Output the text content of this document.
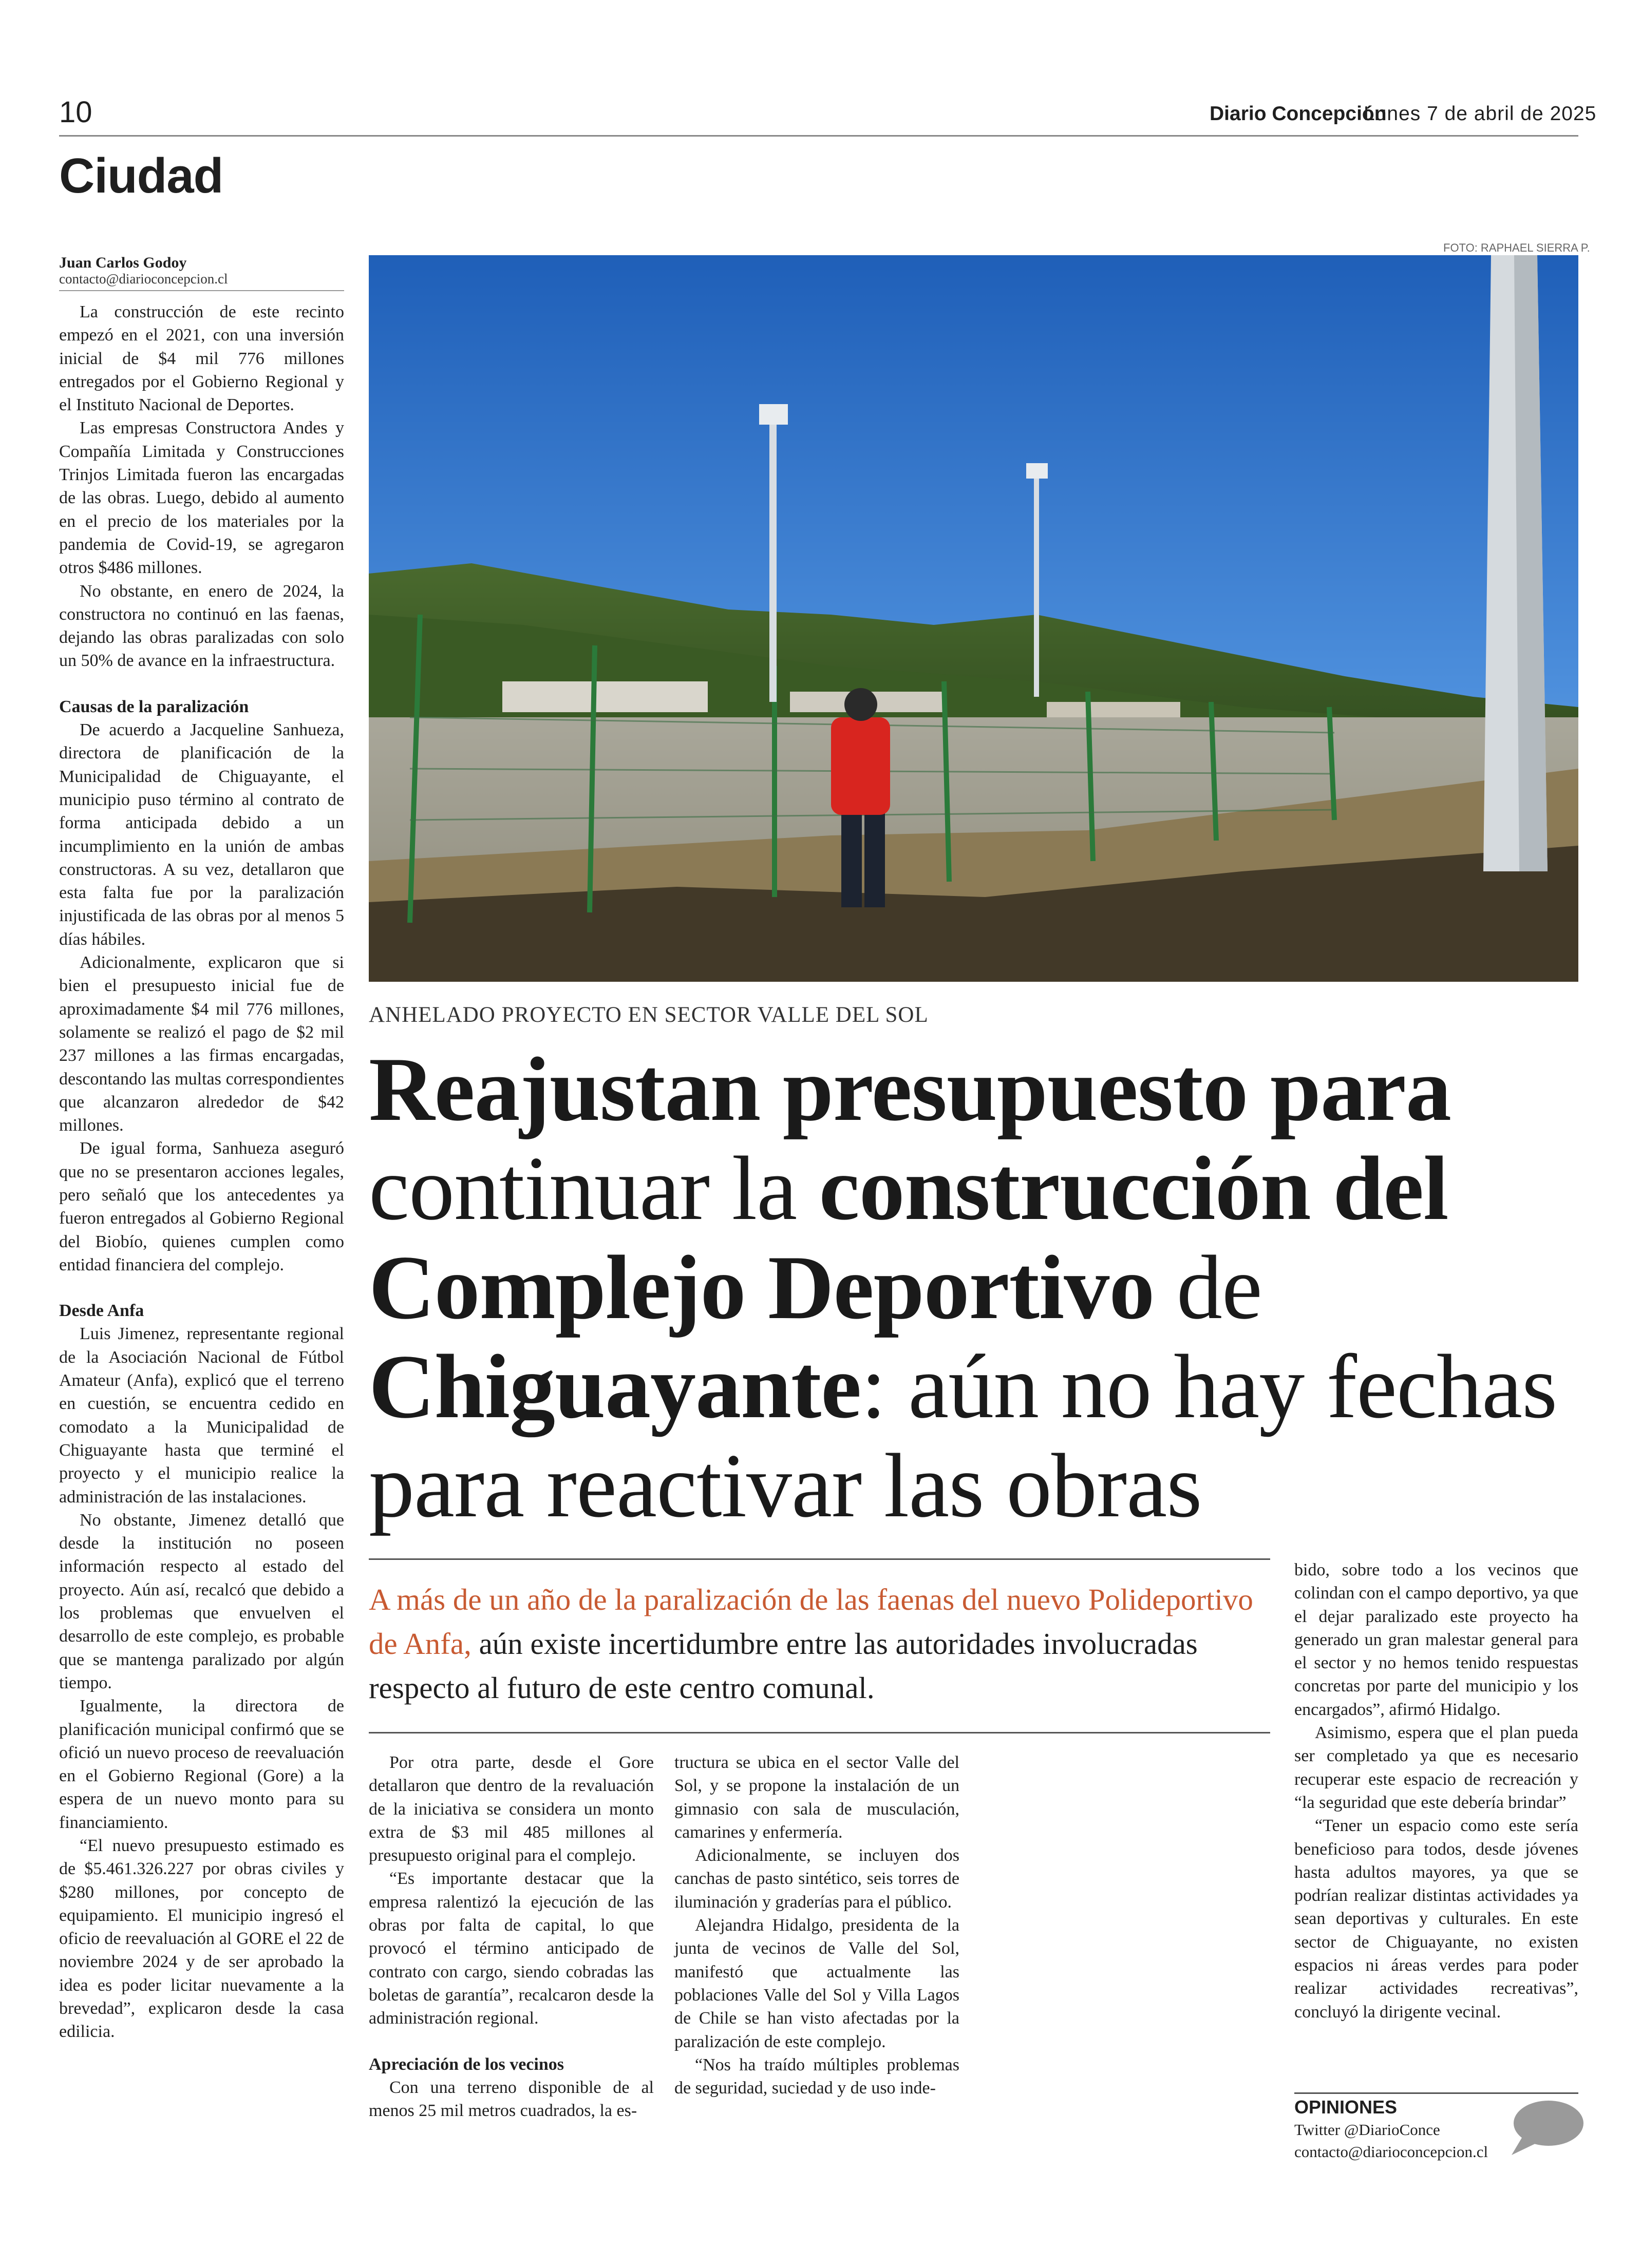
10	Diario Concepción
Lunes 7 de abril de 2025
Ciudad
Juan Carlos Godoy
contacto@diarioconcepcion.cl

La construcción de este recinto empezó en el 2021, con una inversión inicial de $4 mil 776 millones entregados por el Gobierno Regional y el Instituto Nacional de Deportes.

Las empresas Constructora Andes y Compañía Limitada y Construcciones Trinjos Limitada fueron las encargadas de las obras. Luego, debido al aumento en el precio de los materiales por la pandemia de Covid-19, se agregaron otros $486 millones.

No obstante, en enero de 2024, la constructora no continuó en las faenas, dejando las obras paralizadas con solo un 50% de avance en la infraestructura.

Causas de la paralización

De acuerdo a Jacqueline Sanhueza, directora de planificación de la Municipalidad de Chiguayante, el municipio puso término al contrato de forma anticipada debido a un incumplimiento en la unión de ambas constructoras. A su vez, detallaron que esta falta fue por la paralización injustificada de las obras por al menos 5 días hábiles.

Adicionalmente, explicaron que si bien el presupuesto inicial fue de aproximadamente $4 mil 776 millones, solamente se realizó el pago de $2 mil 237 millones a las firmas encargadas, descontando las multas correspondientes que alcanzaron alrededor de $42 millones.

De igual forma, Sanhueza aseguró que no se presentaron acciones legales, pero señaló que los antecedentes ya fueron entregados al Gobierno Regional del Biobío, quienes cumplen como entidad financiera del complejo.

Desde Anfa

Luis Jimenez, representante regional de la Asociación Nacional de Fútbol Amateur (Anfa), explicó que el terreno en cuestión, se encuentra cedido en comodato a la Municipalidad de Chiguayante hasta que terminé el proyecto y el municipio realice la administración de las instalaciones.

No obstante, Jimenez detalló que desde la institución no poseen información respecto al estado del proyecto. Aún así, recalcó que debido a los problemas que envuelven el desarrollo de este complejo, es probable que se mantenga paralizado por algún tiempo.

Igualmente, la directora de planificación municipal confirmó que se ofició un nuevo proceso de reevaluación en el Gobierno Regional (Gore) a la espera de un nuevo monto para su financiamiento.

“El nuevo presupuesto estimado es de $5.461.326.227 por obras civiles y $280 millones, por concepto de equipamiento. El municipio ingresó el oficio de reevaluación al GORE el 22 de noviembre 2024 y de ser aprobado la idea es poder licitar nuevamente a la brevedad”, explicaron desde la casa edilicia.

FOTO: RAPHAEL SIERRA P.
ANHELADO PROYECTO EN SECTOR VALLE DEL SOL
Reajustan presupuesto para continuar la construcción del Complejo Deportivo de Chiguayante: aún no hay fechas para reactivar las obras
A más de un año de la paralización de las faenas del nuevo Polideportivo de Anfa, aún existe incertidumbre entre las autoridades involucradas respecto al futuro de este centro comunal.

Por otra parte, desde el Gore detallaron que dentro de la revaluación de la iniciativa se considera un monto extra de $3 mil 485 millones al presupuesto original para el complejo.

“Es importante destacar que la empresa ralentizó la ejecución de las obras por falta de capital, lo que provocó el término anticipado de contrato con cargo, siendo cobradas las boletas de garantía”, recalcaron desde la administración regional.

Apreciación de los vecinos

Con una terreno disponible de al menos 25 mil metros cuadrados, la es-

tructura se ubica en el sector Valle del Sol, y se propone la instalación de un gimnasio con sala de musculación, camarines y enfermería.

Adicionalmente, se incluyen dos canchas de pasto sintético, seis torres de iluminación y graderías para el público.

Alejandra Hidalgo, presidenta de la junta de vecinos de Valle del Sol, manifestó que actualmente las poblaciones Valle del Sol y Villa Lagos de Chile se han visto afectadas por la paralización de este complejo.

“Nos ha traído múltiples problemas de seguridad, suciedad y de uso inde-

bido, sobre todo a los vecinos que colindan con el campo deportivo, ya que el dejar paralizado este proyecto ha generado un gran malestar general para el sector y no hemos tenido respuestas concretas por parte del municipio y los encargados”, afirmó Hidalgo.

Asimismo, espera que el plan pueda ser completado ya que es necesario recuperar este espacio de recreación y “la seguridad que este debería brindar”

“Tener un espacio como este sería beneficioso para todos, desde jóvenes hasta adultos mayores, ya que se podrían realizar distintas actividades ya sean deportivas y culturales. En este sector de Chiguayante, no existen espacios ni áreas verdes para poder realizar actividades recreativas”, concluyó la dirigente vecinal.

OPINIONES
Twitter @DiarioConce
contacto@diarioconcepcion.cl
